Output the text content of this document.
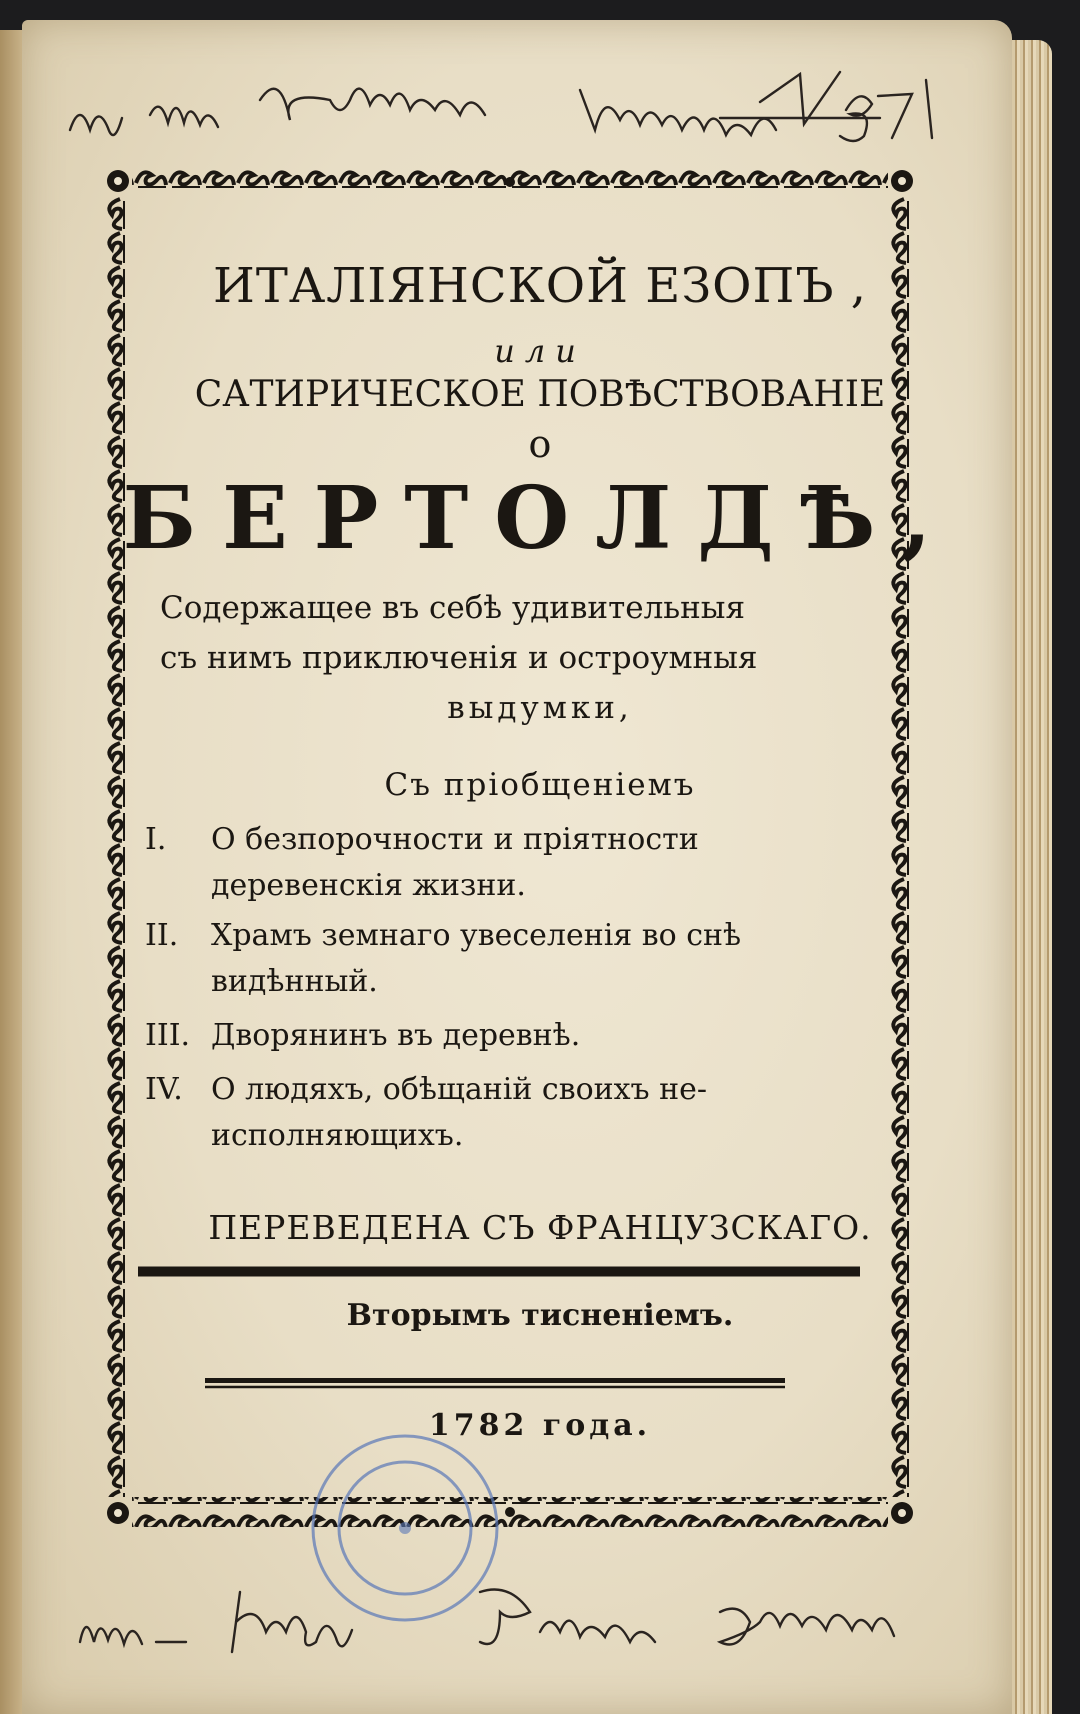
ИТАЛІЯНСКОЙ ЕЗОПЪ ,
или
САТИРИЧЕСКОЕ ПОВѢСТВОВАНІЕ
о
БЕРТОЛДѢ,
Содержащее въ себѣ удивительныя
съ нимъ приключенія и остроумныя
выдумки,
Съ пріобщеніемъ
I. О безпорочности и пріятности
деревенскія жизни.
II. Храмъ земнаго увеселенія во снѣ
видѣнный.
III. Дворянинъ въ деревнѣ.
IV. О людяхъ, обѣщаній своихъ не-
исполняющихъ.
ПЕРЕВЕДЕНА СЪ ФРАНЦУЗСКАГО.
Вторымъ тисненіемъ.
1782 года.
